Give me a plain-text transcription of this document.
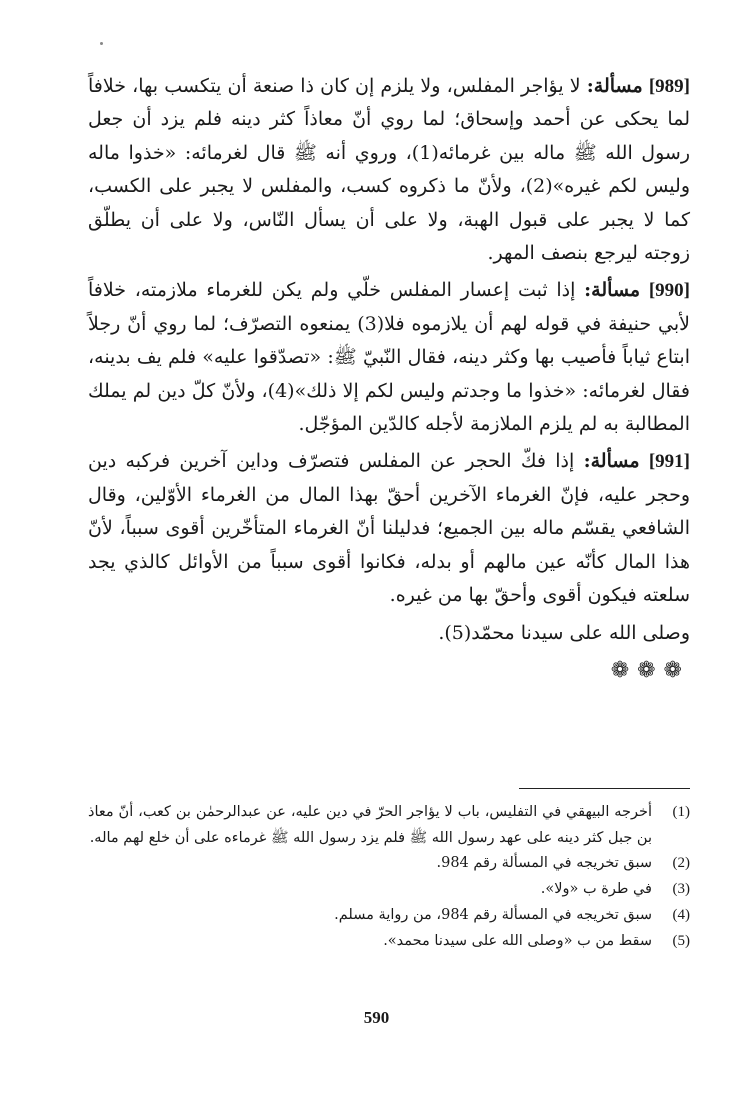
[989] مسألة: لا يؤاجر المفلس، ولا يلزم إن كان ذا صنعة أن يتكسب بها، خلافاً لما يحكى عن أحمد وإسحاق؛ لما روي أنّ معاذاً كثر دينه فلم يزد أن جعل رسول الله ﷺ ماله بين غرمائه(1)، وروي أنه ﷺ قال لغرمائه: «خذوا ماله وليس لكم غيره»(2)، ولأنّ ما ذكروه كسب، والمفلس لا يجبر على الكسب، كما لا يجبر على قبول الهبة، ولا على أن يسأل النّاس، ولا على أن يطلّق زوجته ليرجع بنصف المهر.

[990] مسألة: إذا ثبت إعسار المفلس خلّي ولم يكن للغرماء ملازمته، خلافاً لأبي حنيفة في قوله لهم أن يلازموه فلا(3) يمنعوه التصرّف؛ لما روي أنّ رجلاً ابتاع ثياباً فأصيب بها وكثر دينه، فقال النّبيّ ﷺ: «تصدّقوا عليه» فلم يف بدينه، فقال لغرمائه: «خذوا ما وجدتم وليس لكم إلا ذلك»(4)، ولأنّ كلّ دين لم يملك المطالبة به لم يلزم الملازمة لأجله كالدّين المؤجّل.

[991] مسألة: إذا فكّ الحجر عن المفلس فتصرّف وداين آخرين فركبه دين وحجر عليه، فإنّ الغرماء الآخرين أحقّ بهذا المال من الغرماء الأوّلين، وقال الشافعي يقسّم ماله بين الجميع؛ فدليلنا أنّ الغرماء المتأخّرين أقوى سبباً، لأنّ هذا المال كأنّه عين مالهم أو بدله، فكانوا أقوى سبباً من الأوائل كالذي يجد سلعته فيكون أقوى وأحقّ بها من غيره.

وصلى الله على سيدنا محمّد(5).

❁❁❁

(1)
أخرجه البيهقي في التفليس، باب لا يؤاجر الحرّ في دين عليه، عن عبدالرحمٰن بن كعب، أنّ معاذ بن جبل كثر دينه على عهد رسول الله ﷺ فلم يزد رسول الله ﷺ غرماءه على أن خلع لهم ماله.
(2)
سبق تخريجه في المسألة رقم 984.
(3)
في طرة ب «ولا».
(4)
سبق تخريجه في المسألة رقم 984، من رواية مسلم.
(5)
سقط من ب «وصلى الله على سيدنا محمد».
590
